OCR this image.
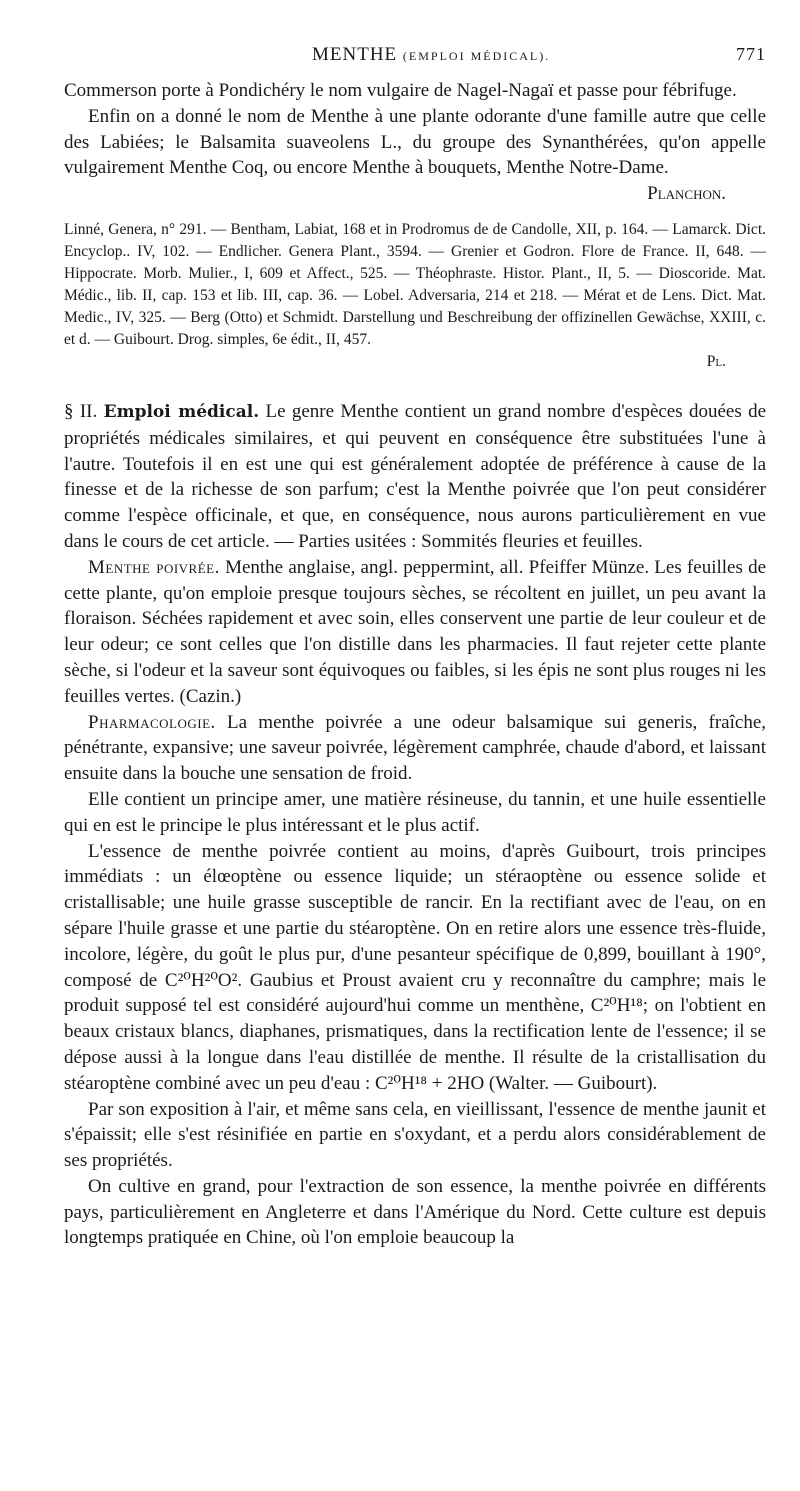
MENTHE (EMPLOI MÉDICAL).	771

Commerson porte à Pondichéry le nom vulgaire de Nagel-Nagaï et passe pour fébrifuge.

Enfin on a donné le nom de Menthe à une plante odorante d'une famille autre que celle des Labiées; le Balsamita suaveolens L., du groupe des Synanthérées, qu'on appelle vulgairement Menthe Coq, ou encore Menthe à bouquets, Menthe Notre-Dame.

Planchon.

Linné, Genera, n° 291. — Bentham, Labiat, 168 et in Prodromus de de Candolle, XII, p. 164. — Lamarck. Dict. Encyclop.. IV, 102. — Endlicher. Genera Plant., 3594. — Grenier et Godron. Flore de France. II, 648. — Hippocrate. Morb. Mulier., I, 609 et Affect., 525. — Théophraste. Histor. Plant., II, 5. — Dioscoride. Mat. Médic., lib. II, cap. 153 et lib. III, cap. 36. — Lobel. Adversaria, 214 et 218. — Mérat et de Lens. Dict. Mat. Medic., IV, 325. — Berg (Otto) et Schmidt. Darstellung und Beschreibung der offizinellen Gewächse, XXIII, c. et d. — Guibourt. Drog. simples, 6e édit., II, 457.

Pl.

§ II. Emploi médical. Le genre Menthe contient un grand nombre d'espèces douées de propriétés médicales similaires, et qui peuvent en conséquence être substituées l'une à l'autre. Toutefois il en est une qui est généralement adoptée de préférence à cause de la finesse et de la richesse de son parfum; c'est la Menthe poivrée que l'on peut considérer comme l'espèce officinale, et que, en conséquence, nous aurons particulièrement en vue dans le cours de cet article. — Parties usitées : Sommités fleuries et feuilles.

Menthe poivrée. Menthe anglaise, angl. peppermint, all. Pfeiffer Münze. Les feuilles de cette plante, qu'on emploie presque toujours sèches, se récoltent en juillet, un peu avant la floraison. Séchées rapidement et avec soin, elles conservent une partie de leur couleur et de leur odeur; ce sont celles que l'on distille dans les pharmacies. Il faut rejeter cette plante sèche, si l'odeur et la saveur sont équivoques ou faibles, si les épis ne sont plus rouges ni les feuilles vertes. (Cazin.)

Pharmacologie. La menthe poivrée a une odeur balsamique sui generis, fraîche, pénétrante, expansive; une saveur poivrée, légèrement camphrée, chaude d'abord, et laissant ensuite dans la bouche une sensation de froid.

Elle contient un principe amer, une matière résineuse, du tannin, et une huile essentielle qui en est le principe le plus intéressant et le plus actif.

L'essence de menthe poivrée contient au moins, d'après Guibourt, trois principes immédiats : un élœoptène ou essence liquide; un stéraoptène ou essence solide et cristallisable; une huile grasse susceptible de rancir. En la rectifiant avec de l'eau, on en sépare l'huile grasse et une partie du stéaroptène. On en retire alors une essence très-fluide, incolore, légère, du goût le plus pur, d'une pesanteur spécifique de 0,899, bouillant à 190°, composé de C²⁰H²⁰O². Gaubius et Proust avaient cru y reconnaître du camphre; mais le produit supposé tel est considéré aujourd'hui comme un menthène, C²⁰H¹⁸; on l'obtient en beaux cristaux blancs, diaphanes, prismatiques, dans la rectification lente de l'essence; il se dépose aussi à la longue dans l'eau distillée de menthe. Il résulte de la cristallisation du stéaroptène combiné avec un peu d'eau : C²⁰H¹⁸ + 2HO (Walter. — Guibourt).

Par son exposition à l'air, et même sans cela, en vieillissant, l'essence de menthe jaunit et s'épaissit; elle s'est résinifiée en partie en s'oxydant, et a perdu alors considérablement de ses propriétés.

On cultive en grand, pour l'extraction de son essence, la menthe poivrée en différents pays, particulièrement en Angleterre et dans l'Amérique du Nord. Cette culture est depuis longtemps pratiquée en Chine, où l'on emploie beaucoup la
